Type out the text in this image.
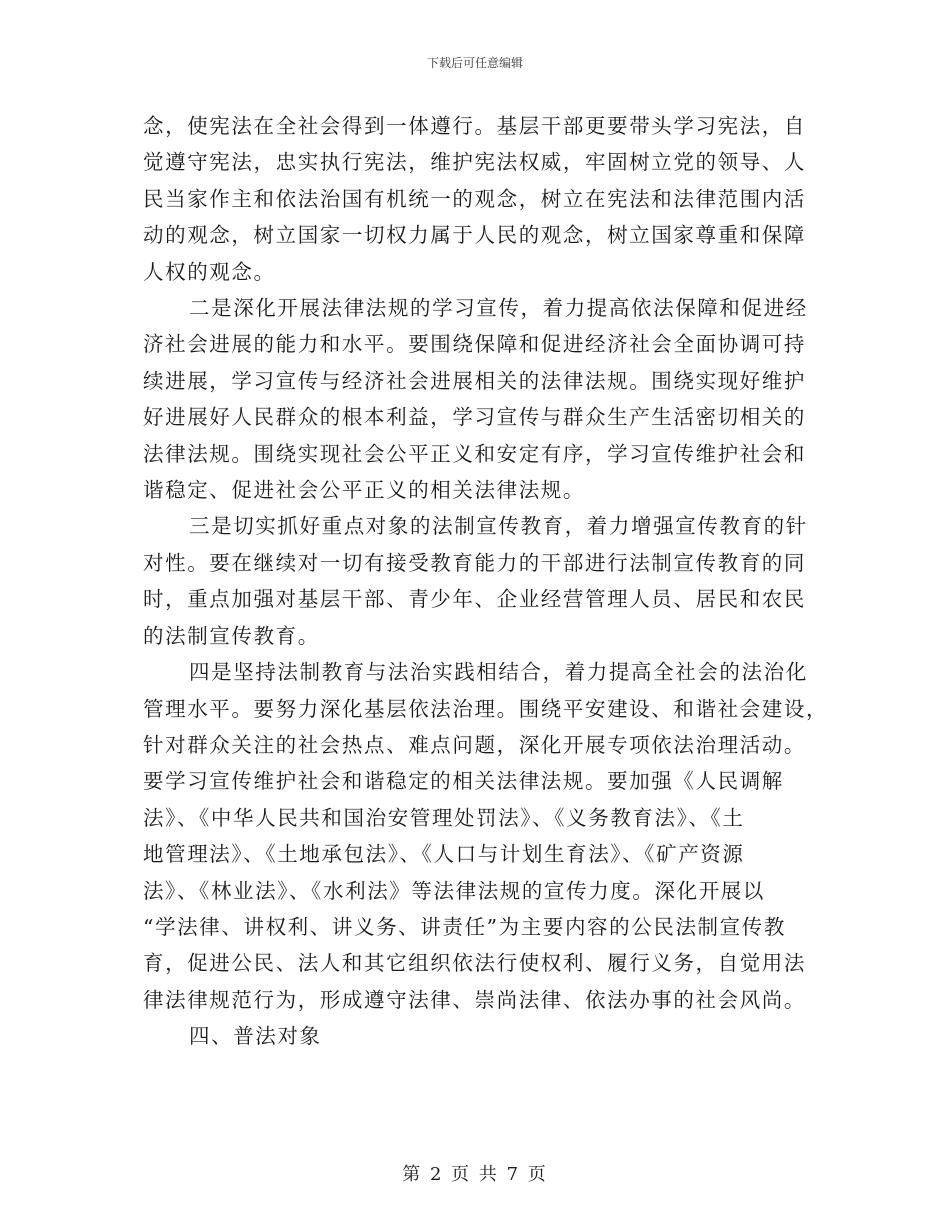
下载后可任意编辑
念，使宪法在全社会得到一体遵行。基层干部更要带头学习宪法，自
觉遵守宪法，忠实执行宪法，维护宪法权威，牢固树立党的领导、人
民当家作主和依法治国有机统一的观念，树立在宪法和法律范围内活
动的观念，树立国家一切权力属于人民的观念，树立国家尊重和保障
人权的观念。
二是深化开展法律法规的学习宣传，着力提高依法保障和促进经
济社会进展的能力和水平。要围绕保障和促进经济社会全面协调可持
续进展，学习宣传与经济社会进展相关的法律法规。围绕实现好维护
好进展好人民群众的根本利益，学习宣传与群众生产生活密切相关的
法律法规。围绕实现社会公平正义和安定有序，学习宣传维护社会和
谐稳定、促进社会公平正义的相关法律法规。
三是切实抓好重点对象的法制宣传教育，着力增强宣传教育的针
对性。要在继续对一切有接受教育能力的干部进行法制宣传教育的同
时，重点加强对基层干部、青少年、企业经营管理人员、居民和农民
的法制宣传教育。
四是坚持法制教育与法治实践相结合，着力提高全社会的法治化
管理水平。要努力深化基层依法治理。围绕平安建设、和谐社会建设，
针对群众关注的社会热点、难点问题，深化开展专项依法治理活动。
要学习宣传维护社会和谐稳定的相关法律法规。要加强《人民调解
法》、《中华人民共和国治安管理处罚法》、《义务教育法》、《土
地管理法》、《土地承包法》、《人口与计划生育法》、《矿产资源
法》、《林业法》、《水利法》等法律法规的宣传力度。深化开展以
“学法律、讲权利、讲义务、讲责任”为主要内容的公民法制宣传教
育，促进公民、法人和其它组织依法行使权利、履行义务，自觉用法
律法律规范行为，形成遵守法律、崇尚法律、依法办事的社会风尚。
四、普法对象
第 2 页 共 7 页
